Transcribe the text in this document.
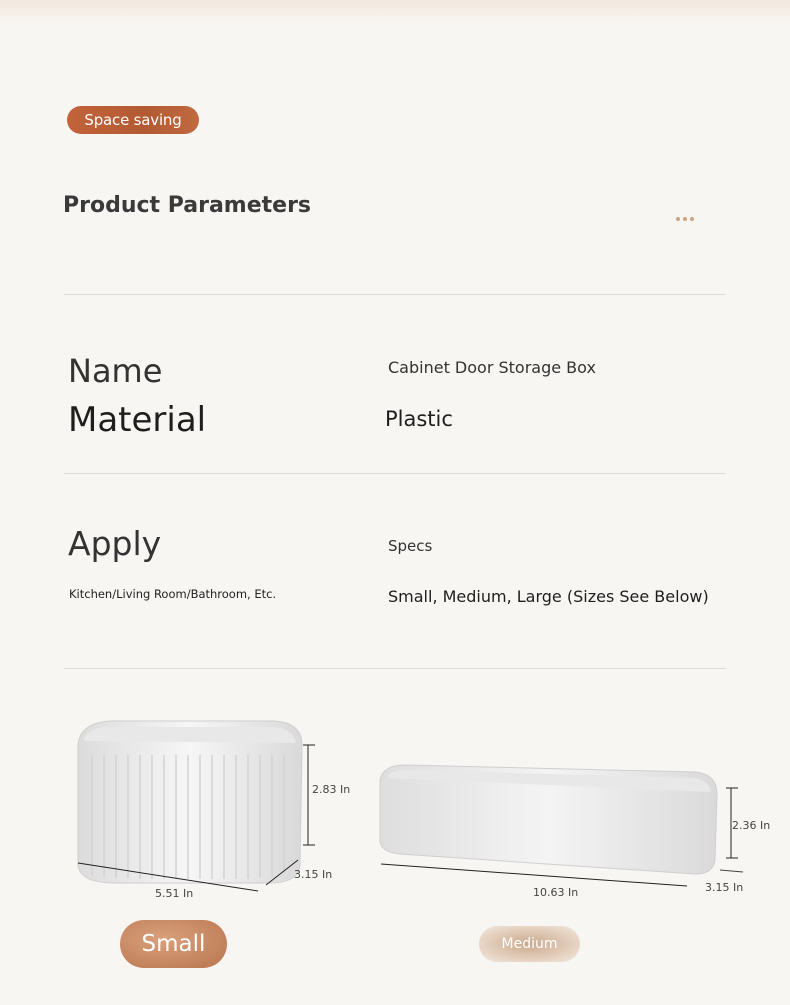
Space saving
Product Parameters
Name	Cabinet Door Storage Box
Material	Plastic
Apply	Specs
Kitchen/Living Room/Bathroom, Etc.	Small, Medium, Large (Sizes See Below)
2.83 In
3.15 In
5.51 In
2.36 In
3.15 In
10.63 In
Small	Medium
